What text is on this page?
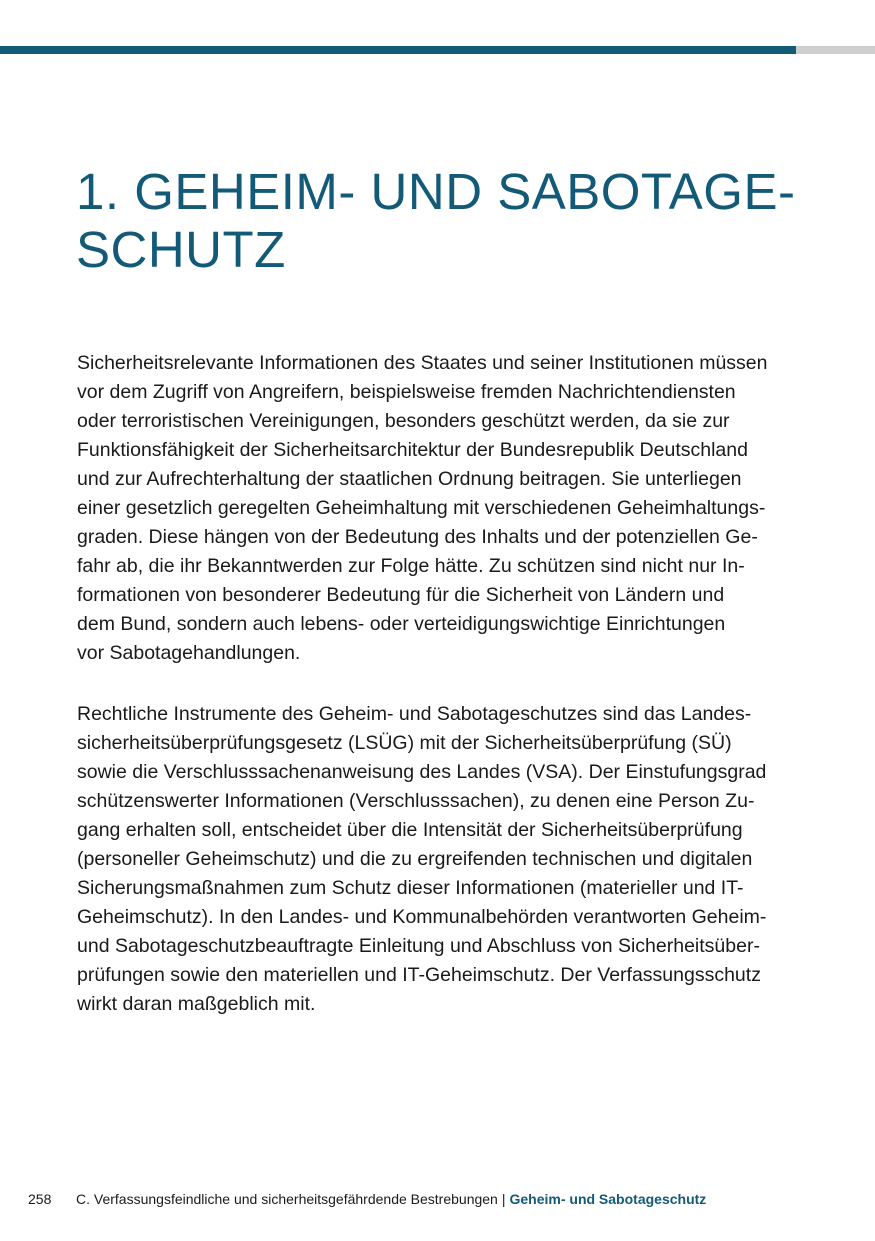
1. GEHEIM- UND SABOTAGE-
SCHUTZ
Sicherheitsrelevante Informationen des Staates und seiner Institutionen müssen
vor dem Zugriff von Angreifern, beispielsweise fremden Nachrichtendiensten
oder terroristischen Vereinigungen, besonders geschützt werden, da sie zur
Funktionsfähigkeit der Sicherheitsarchitektur der Bundesrepublik Deutschland
und zur Aufrechterhaltung der staatlichen Ordnung beitragen. Sie unterliegen
einer gesetzlich geregelten Geheimhaltung mit verschiedenen Geheimhaltungs-
graden. Diese hängen von der Bedeutung des Inhalts und der potenziellen Ge-
fahr ab, die ihr Bekanntwerden zur Folge hätte. Zu schützen sind nicht nur In-
formationen von besonderer Bedeutung für die Sicherheit von Ländern und
dem Bund, sondern auch lebens- oder verteidigungswichtige Einrichtungen
vor Sabotagehandlungen.
Rechtliche Instrumente des Geheim- und Sabotageschutzes sind das Landes-
sicherheitsüberprüfungsgesetz (LSÜG) mit der Sicherheitsüberprüfung (SÜ)
sowie die Verschlusssachenanweisung des Landes (VSA). Der Einstufungsgrad
schützenswerter Informationen (Verschlusssachen), zu denen eine Person Zu-
gang erhalten soll, entscheidet über die Intensität der Sicherheitsüberprüfung
(personeller Geheimschutz) und die zu ergreifenden technischen und digitalen
Sicherungsmaßnahmen zum Schutz dieser Informationen (materieller und IT-
Geheimschutz). In den Landes- und Kommunalbehörden verantworten Geheim-
und Sabotageschutzbeauftragte Einleitung und Abschluss von Sicherheitsüber-
prüfungen sowie den materiellen und IT-Geheimschutz. Der Verfassungsschutz
wirkt daran maßgeblich mit.
258 C. Verfassungsfeindliche und sicherheitsgefährdende Bestrebungen | Geheim- und Sabotageschutz
